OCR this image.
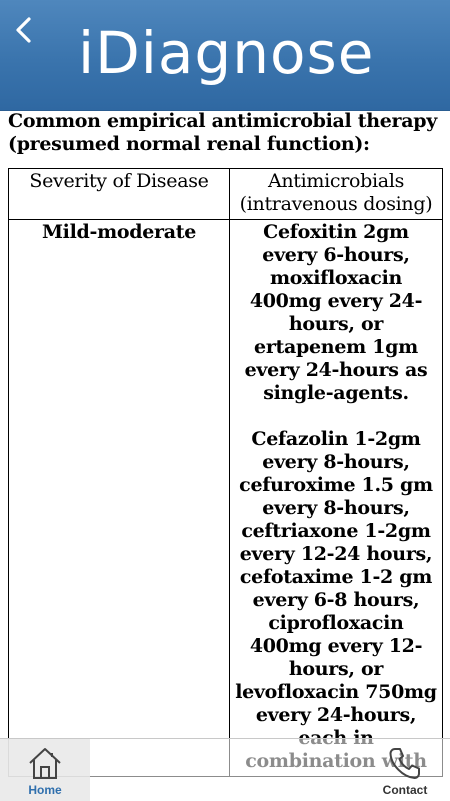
iDiagnose

Common empirical antimicrobial therapy (presumed normal renal function):

Severity of Disease	Antimicrobials (intravenous dosing)
Mild-moderate	Cefoxitin 2gm every 6-hours, moxifloxacin 400mg every 24-hours, or ertapenem 1gm every 24-hours as single-agents.

Cefazolin 1-2gm every 8-hours, cefuroxime 1.5 gm every 8-hours, ceftriaxone 1-2gm every 12-24 hours, cefotaxime 1-2 gm every 6-8 hours, ciprofloxacin 400mg every 12-hours, or levofloxacin 750mg every 24-hours,

Home	Contact
